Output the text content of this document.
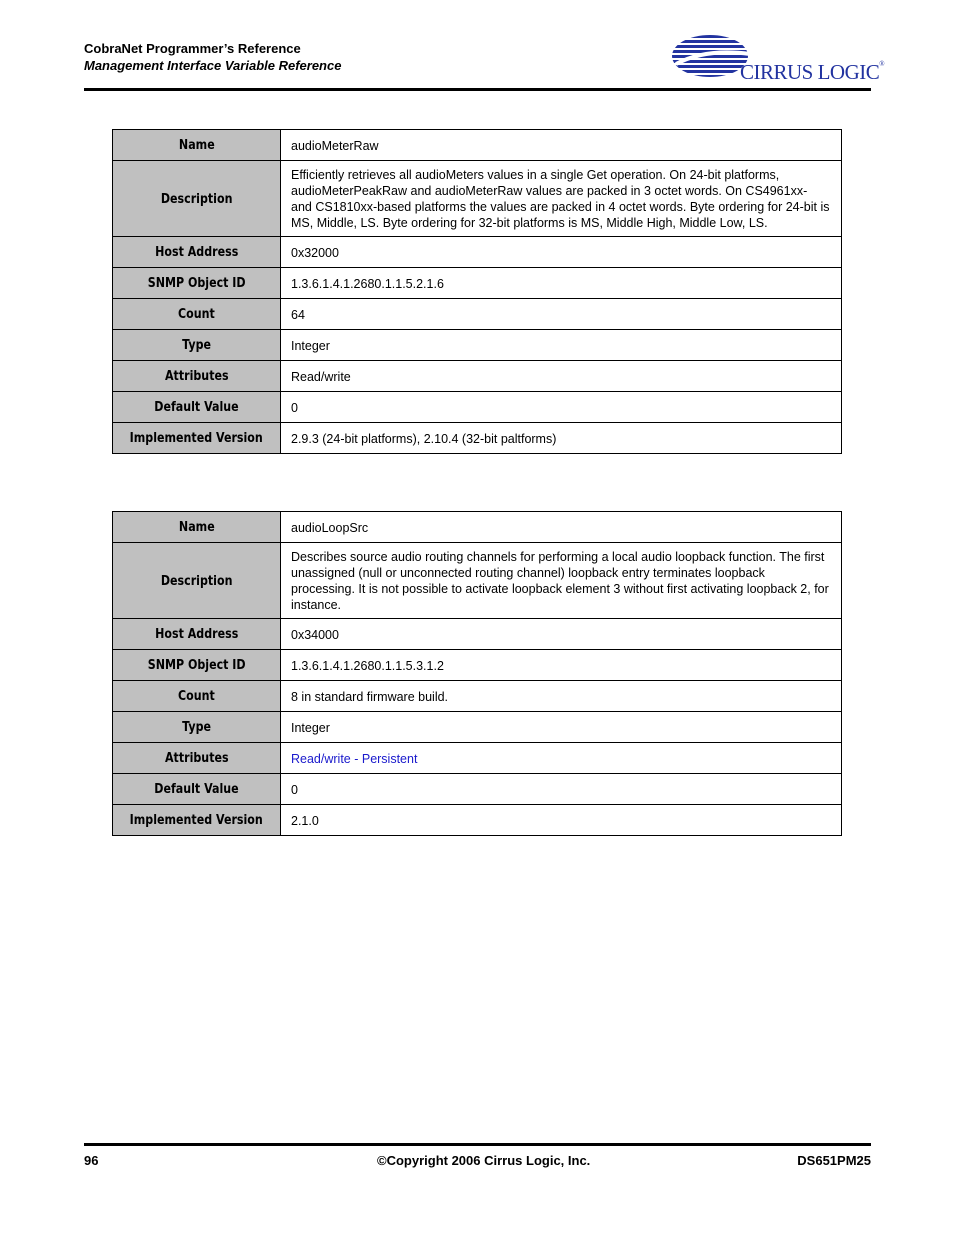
CobraNet Programmer’s Reference
Management Interface Variable Reference	CIRRUS LOGIC®
Name	audioMeterRaw
Description	Efficiently retrieves all audioMeters values in a single Get operation. On 24-bit platforms, audioMeterPeakRaw and audioMeterRaw values are packed in 3 octet words. On CS4961xx- and CS1810xx-based platforms the values are packed in 4 octet words. Byte ordering for 24-bit is MS, Middle, LS. Byte ordering for 32-bit platforms is MS, Middle High, Middle Low, LS.
Host Address	0x32000
SNMP Object ID	1.3.6.1.4.1.2680.1.1.5.2.1.6
Count	64
Type	Integer
Attributes	Read/write
Default Value	0
Implemented Version	2.9.3 (24-bit platforms), 2.10.4 (32-bit paltforms)
Name	audioLoopSrc
Description	Describes source audio routing channels for performing a local audio loopback function. The first unassigned (null or unconnected routing channel) loopback entry terminates loopback processing. It is not possible to activate loopback element 3 without first activating loopback 2, for instance.
Host Address	0x34000
SNMP Object ID	1.3.6.1.4.1.2680.1.1.5.3.1.2
Count	8 in standard firmware build.
Type	Integer
Attributes	Read/write - Persistent
Default Value	0
Implemented Version	2.1.0
96	©Copyright 2006 Cirrus Logic, Inc.	DS651PM25
